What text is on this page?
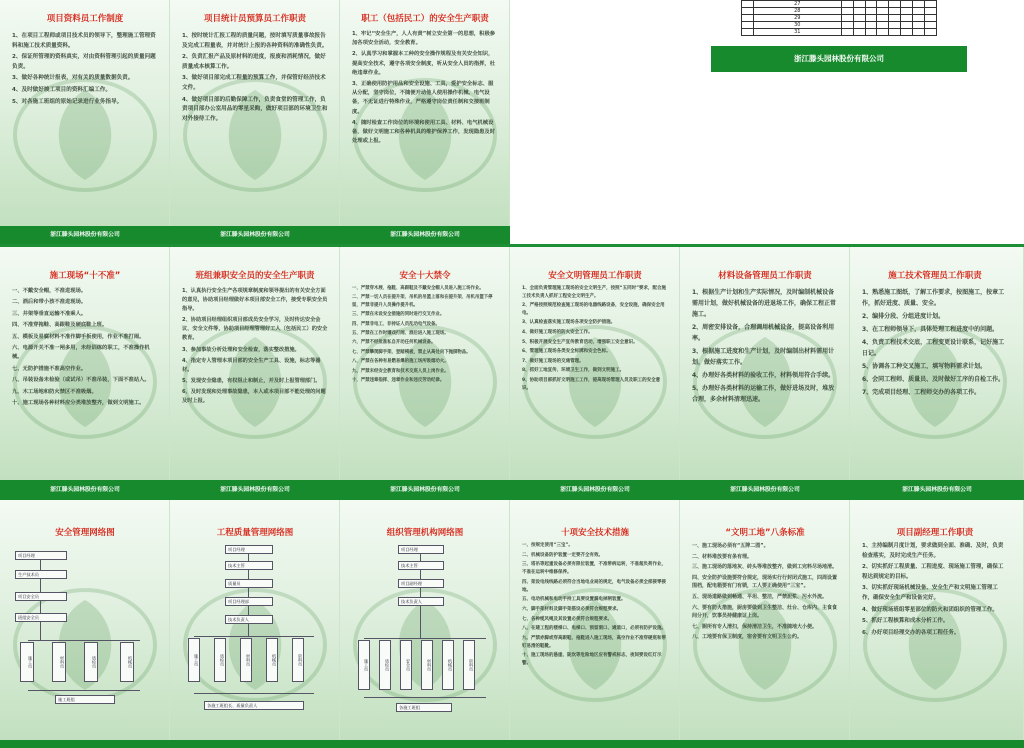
项目资料员工作制度

1、在项目工程师或项目技术员的领导下，整理施工管理资料和施工技术质量资料。

2、保证所管理的资料真实，对由资料管理引起的质量问题负责。

3、做好各种统计报表，对有关的质量数据负责。

4、及时做好竣工项目的资料汇编工作。

5、对各施工班组的原始记录进行业务指导。

项目统计员预算员工作职责

1、按时统计汇报工程的质量问题，按时填写质量事故报告及完成工程量表，并对统计上报的各种资料的准确性负责。

2、负责汇报产品及原材料的进度，报废和消耗情况，做好质量成本核算工作。

3、做好项目部完成工程量的预算工作，并保管好经济技术文件。

4、做好项目部的后勤保障工作，负责食堂的管理工作，负责项目部办公室用品的零星采购，做好项目部的环境卫生和对外接待工作。

职工（包括民工）的安全生产职责

1、牢记“安全生产，人人有责”树立安全第一的思想，积极参加各项安全活动，安全教育。

2、认真学习和掌握本工种的安全操作规程及有关安全知识，提高安全技术，遵守各项安全制度，听从安全人员的指挥，杜绝违章作业。

3、正确使用防护用品和安全设施、工具，爱护安全标志、服从分配，坚守岗位，不随便开动他人使用操作机械、电气设备，不无证进行特殊作业，严格遵守岗位责任制和交接班制度。

4、随时检查工作岗位的环境和使用工具、材料、电气机械设备，做好文明施工和各种机具的维护保养工作，发现隐患及时处理或上报。

	27								
	28								
	29								
	30								
	31								
浙江滕头园林股份有限公司
浙江滕头园林股份有限公司	浙江滕头园林股份有限公司	浙江滕头园林股份有限公司
施工现场“十不准”

一、不戴安全帽，不准进现场。

二、酒后和带小孩不准进现场。

三、井架等垂直运输不准乘人。

四、不准穿拖鞋、高跟鞋及硬底鞋上班。

五、模板及易腐材料不准作脚手板使用，作业不准打闹。

六、电源开关不准一闸多用，未经训练的职工，不准操作机械。

七、无防护措施不准高空作业。

八、吊装设备未检验（或试吊）不准吊装，下面不准站人。

九、木工场地和防火禁区不准吸烟。

十、施工现场各种材料应分类堆放整齐，做到文明施工。

班组兼职安全员的安全生产职责

1、认真执行安全生产各项规章制度和领导提出的有关安全方面的意见，协助项目经理做好本项目部安全工作，接受专职安全员指导。

2、协助项目经理组织项目部成员安全学习，及时传达安全会议、安全文件等，协助项目经理管理好工人（包括民工）的安全教育。

3、参加事故分析处理和安全检查，落实整改措施。

4、指定专人管理本项目部的安全生产工具、设施，标志等器材。

5、发现安全隐患，有权阻止和制止，并及时上报管理部门。

6、及时发现和处理事故隐患，本人或本项目部不能处理的问题及时上报。

安全十大禁令

一、严禁穿木屐、拖鞋、高跟鞋及不戴安全帽人员进入施工场作业。

二、严禁一切人员在提升架、吊机的吊篮上落和在提升架、吊机吊篮下停留，严禁非提升人员操作提升机。

三、严禁在未设安全措施的同时进行交叉作业。

四、严禁非电工、非持证人员乱动电气设备。

五、严禁在工作时嬉戏打闹、酒后进入施工现场。

六、严禁不经批准私自开动任何机械设备。

七、严禁攀爬脚手架、登踏模板，禁止从高处向下抛掷物品。

八、严禁在各种有易燃易爆的施工场所吸烟动火。

九、严禁未经安全教育和技术交底人员上岗作业。

十、严禁违章指挥、违章作业和违反劳动纪律。

安全文明管理员工作职责

1、全面负责管理施工现场的安全文明生产，按照“五同时”要求，配合施工技术负责人抓好工程安全文明生产。

2、严格按照规范检查施工现场的电器线路设备，安全设施，确保安全用电。

3、认真检查落实施工现场各项安全防护措施。

4、做好施工现场的防火安全工作。

5、积极开展安全生产宣传教育活动，增强职工安全意识。

6、管理施工现场各类安全标牌和安全色标。

7、做好施工现场的交通管理。

8、抓好工地宣传、环境卫生工作，做到文明施工。

9、协助项目部抓好文明施工工作，提高现场管理人员及职工的安全意识。

材料设备管理员工作职责

1、根据生产计划和生产实际情况，及时编制机械设备需用计划，做好机械设备的进退场工作，确保工程正常施工。

2、周密安排设备，合理调用机械设备，提高设备利用率。

3、根据施工进度和生产计划，及时编制出材料需用计划，做好落实工作。

4、办理好各类材料的验收工作，材料领用符合手续。

5、办理好各类材料的运输工作，做好进场及时，堆放合理，多余材料清理迅速。

施工技术管理员工作职责

1、熟悉施工图纸，了解工作要求，按图施工，按章工作，抓好进度、质量、安全。

2、编排分段、分组进度计划。

3、在工程师领导下，具体处理工程进度中的问题。

4、负责工程技术交底，工程变更设计联系，记好施工日记。

5、协调各工种交叉施工，填写物料需求计划。

6、会同工程师、质量员、及时做好工序的自检工作。

7、完成项目经理、工程师交办的各项工作。

浙江滕头园林股份有限公司	浙江滕头园林股份有限公司	浙江滕头园林股份有限公司	浙江滕头园林股份有限公司	浙江滕头园林股份有限公司	浙江滕头园林股份有限公司
安全管理网络图
项目经理
生产技术员
项目安全员
班组安全员
施工员	材料员	质检员	机械员
施工班组
工程质量管理网络图
项目经理
技术主管
质量员
项目经理部
技术负责人
施工员	质检员	材料员	机械员	资料员
各施工班组长、质量负责人
组织管理机构网络图
项目经理
技术主管
项目副经理
技术负责人
施工员	质检员	安全员	材料员	机械员	资料员
各施工班组
十项安全技术措施

一、按规定使用“三宝”。

二、机械设备防护装置一定要齐全有效。

三、塔吊等起重设备必须有限位装置，不准带病运转，不准超负荷作业，不准在运转中维修保养。

四、架设电线线路必须符合当地电业局的规定，电气设备必须全部接零接地。

五、电动机械和电动手持工具要设置漏电掉闸装置。

六、脚手架材料及脚手架搭设必须符合规程要求。

七、各种缆风绳及其设置必须符合规程要求。

八、在建工程的楼梯口、电梯口、预留洞口、通道口，必须有防护设施。

九、严禁赤脚或穿高跟鞋、拖鞋进入施工现场，高空作业不准穿硬底和带钉易滑的鞋靴。

十、施工现场的悬崖、陡坎等危险地区应有警戒标志，夜间要设红灯示警。

“文明工地”八条标准

一、施工现场必须有“五牌二图”。

二、材料堆放要有条有理。

三、施工现场的落地灰、砖头等堆放整齐，做到工完料尽场地清。

四、安全防护设施要符合规定，现场实行行封闭式施工，四周设置围档，配电箱要有门有锁，工人要正确使用“三宝”。

五、现场道路做到畅通、平坦、整洁，严禁泥浆、污水外流。

六、要有防火措施，厨房要做到卫生整洁、灶台、仓库内、主食食间分开，饮事员持健康证上岗。

七、厕所有专人清扫，保持清洁卫生，不准随地大小便。

八、工地要有保卫制度，宿舍要有文明卫生公约。

项目副经理工作职责

1、主持编制月度计划，要求做到全面、准确、及时，负责检查落实，及时完成生产任务。

2、切实抓好工程质量、工程进度、现场施工管理，确保工程达到规定的目标。

3、切实抓好现场机械设备、安全生产和文明施工管理工作，确保安全生产和设备完好。

4、做好现场班组零星部位的防火和团组织的管理工作。

5、抓好工程核算和成本分析工作。

6、办好项目经理交办的各项工程任务。
